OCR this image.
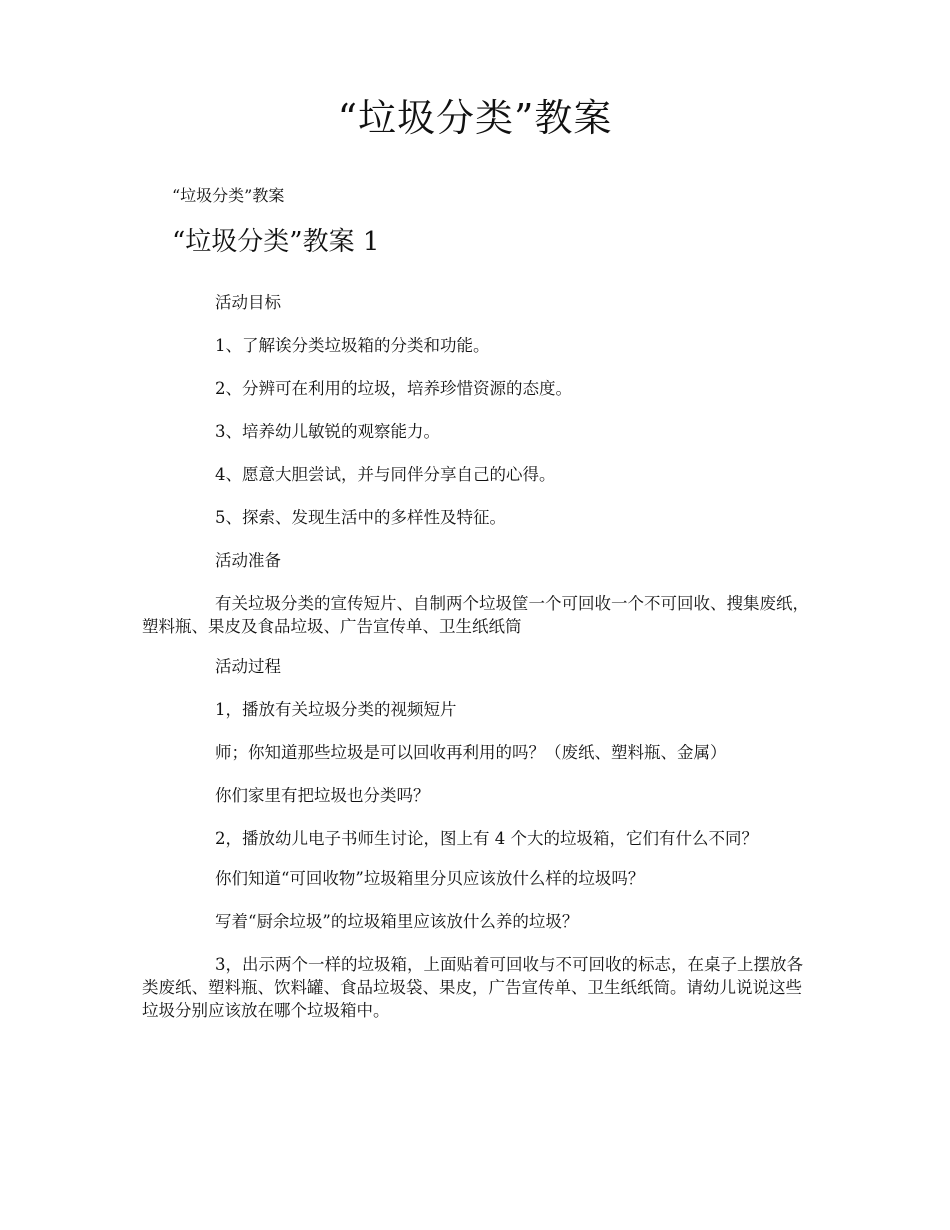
“垃圾分类”教案

“垃圾分类”教案

“垃圾分类”教案 1

活动目标

1、了解诶分类垃圾箱的分类和功能。

2、分辨可在利用的垃圾，培养珍惜资源的态度。

3、培养幼儿敏锐的观察能力。

4、愿意大胆尝试，并与同伴分享自己的心得。

5、探索、发现生活中的多样性及特征。

活动准备

有关垃圾分类的宣传短片、自制两个垃圾筐一个可回收一个不可回收、搜集废纸，塑料瓶、果皮及食品垃圾、广告宣传单、卫生纸纸筒

活动过程

1，播放有关垃圾分类的视频短片

师；你知道那些垃圾是可以回收再利用的吗？（废纸、塑料瓶、金属）

你们家里有把垃圾也分类吗？

2，播放幼儿电子书师生讨论，图上有 4 个大的垃圾箱，它们有什么不同？

你们知道“可回收物”垃圾箱里分贝应该放什么样的垃圾吗？

写着“厨余垃圾”的垃圾箱里应该放什么养的垃圾？

3，出示两个一样的垃圾箱，上面贴着可回收与不可回收的标志，在桌子上摆放各类废纸、塑料瓶、饮料罐、食品垃圾袋、果皮，广告宣传单、卫生纸纸筒。请幼儿说说这些垃圾分别应该放在哪个垃圾箱中。
